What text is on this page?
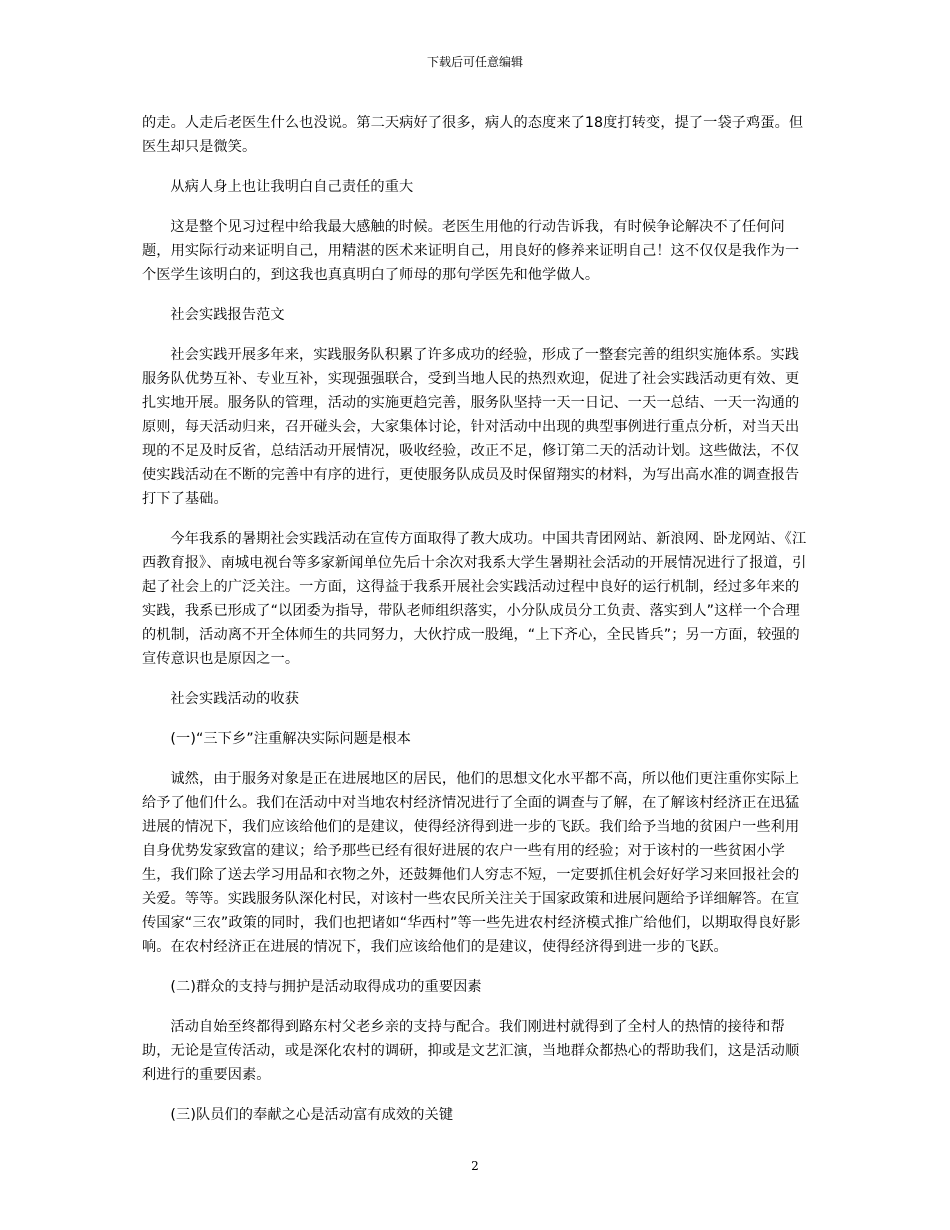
下载后可任意编辑

的走。人走后老医生什么也没说。第二天病好了很多，病人的态度来了18度打转变，提了一袋子鸡蛋。但医生却只是微笑。

从病人身上也让我明白自己责任的重大

这是整个见习过程中给我最大感触的时候。老医生用他的行动告诉我，有时候争论解决不了任何问题，用实际行动来证明自己，用精湛的医术来证明自己，用良好的修养来证明自己！这不仅仅是我作为一个医学生该明白的，到这我也真真明白了师母的那句学医先和他学做人。

社会实践报告范文

社会实践开展多年来，实践服务队积累了许多成功的经验，形成了一整套完善的组织实施体系。实践服务队优势互补、专业互补，实现强强联合，受到当地人民的热烈欢迎，促进了社会实践活动更有效、更扎实地开展。服务队的管理，活动的实施更趋完善，服务队坚持一天一日记、一天一总结、一天一沟通的原则，每天活动归来，召开碰头会，大家集体讨论，针对活动中出现的典型事例进行重点分析，对当天出现的不足及时反省，总结活动开展情况，吸收经验，改正不足，修订第二天的活动计划。这些做法，不仅使实践活动在不断的完善中有序的进行，更使服务队成员及时保留翔实的材料，为写出高水准的调查报告打下了基础。

今年我系的暑期社会实践活动在宣传方面取得了教大成功。中国共青团网站、新浪网、卧龙网站、《江西教育报》、南城电视台等多家新闻单位先后十余次对我系大学生暑期社会活动的开展情况进行了报道，引起了社会上的广泛关注。一方面，这得益于我系开展社会实践活动过程中良好的运行机制，经过多年来的实践，我系已形成了“以团委为指导，带队老师组织落实，小分队成员分工负责、落实到人”这样一个合理的机制，活动离不开全体师生的共同努力，大伙拧成一股绳，“上下齐心，全民皆兵”；另一方面，较强的宣传意识也是原因之一。

社会实践活动的收获

(一)“三下乡”注重解决实际问题是根本

诚然，由于服务对象是正在进展地区的居民，他们的思想文化水平都不高，所以他们更注重你实际上给予了他们什么。我们在活动中对当地农村经济情况进行了全面的调查与了解，在了解该村经济正在迅猛进展的情况下，我们应该给他们的是建议，使得经济得到进一步的飞跃。我们给予当地的贫困户一些利用自身优势发家致富的建议；给予那些已经有很好进展的农户一些有用的经验；对于该村的一些贫困小学生，我们除了送去学习用品和衣物之外，还鼓舞他们人穷志不短，一定要抓住机会好好学习来回报社会的关爱。等等。实践服务队深化村民，对该村一些农民所关注关于国家政策和进展问题给予详细解答。在宣传国家“三农”政策的同时，我们也把诸如“华西村”等一些先进农村经济模式推广给他们，以期取得良好影响。在农村经济正在进展的情况下，我们应该给他们的是建议，使得经济得到进一步的飞跃。

(二)群众的支持与拥护是活动取得成功的重要因素

活动自始至终都得到路东村父老乡亲的支持与配合。我们刚进村就得到了全村人的热情的接待和帮助，无论是宣传活动，或是深化农村的调研，抑或是文艺汇演，当地群众都热心的帮助我们，这是活动顺利进行的重要因素。

(三)队员们的奉献之心是活动富有成效的关键

2
